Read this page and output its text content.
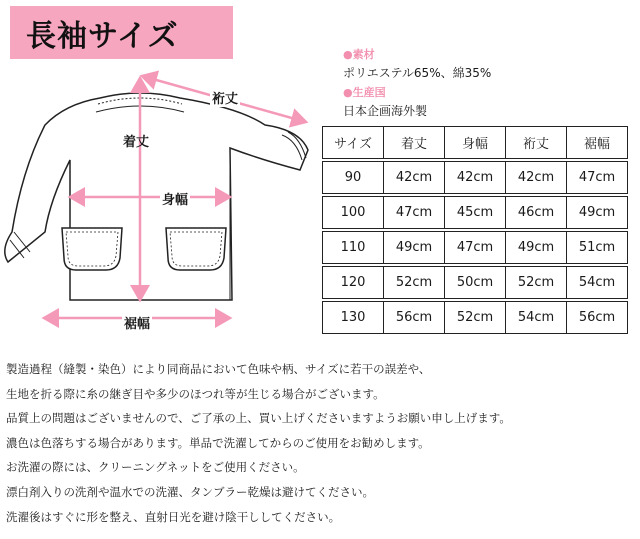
長袖サイズ
裄丈
着丈
身幅
裾幅
●素材
ポリエステル65%、綿35%
●生産国
日本企画海外製
サイズ	着丈	身幅	裄丈	裾幅
90	42cm	42cm	42cm	47cm
100	47cm	45cm	46cm	49cm
110	49cm	47cm	49cm	51cm
120	52cm	50cm	52cm	54cm
130	56cm	52cm	54cm	56cm
製造過程（縫製・染色）により同商品において色味や柄、サイズに若干の誤差や、
生地を折る際に糸の継ぎ目や多少のほつれ等が生じる場合がございます。
品質上の問題はございませんので、ご了承の上、買い上げくださいますようお願い申し上げます。
濃色は色落ちする場合があります。単品で洗濯してからのご使用をお勧めします。
お洗濯の際には、クリーニングネットをご使用ください。
漂白剤入りの洗剤や温水での洗濯、タンブラー乾燥は避けてください。
洗濯後はすぐに形を整え、直射日光を避け陰干ししてください。
